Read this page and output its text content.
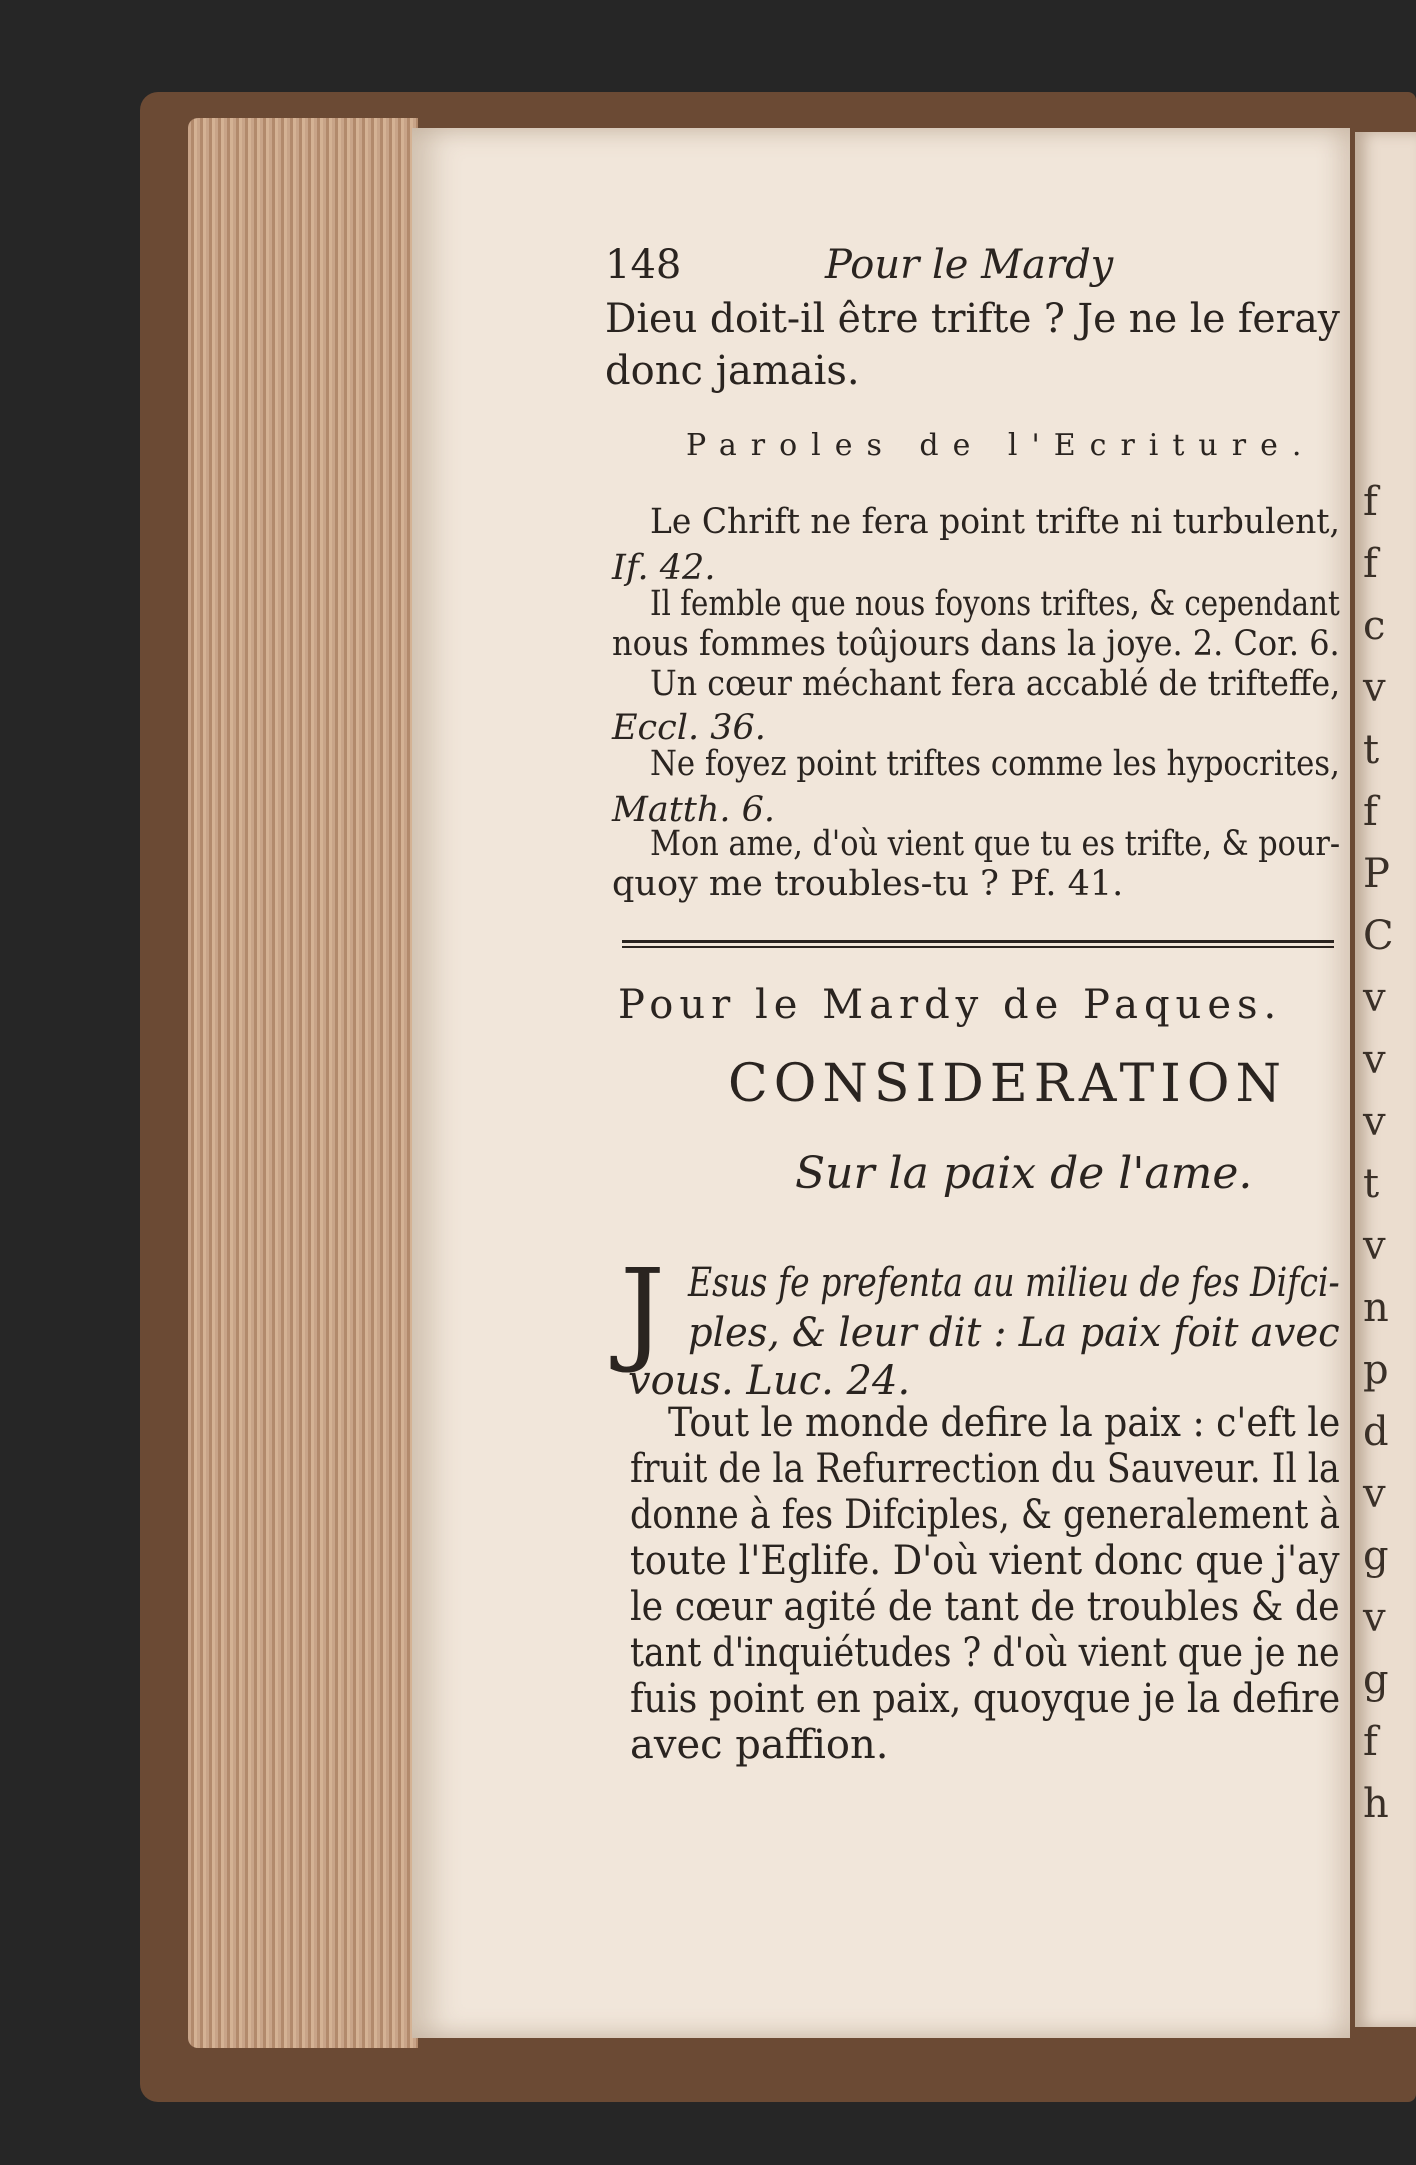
f
f
c
v
t
f
P
C
v
v
v
t
v
n
p
d
v
g
v
g
f
h
148	Pour le Mardy
Dieu doit-il être trifte ? Je ne le feray
donc jamais.
Paroles de l'Ecriture.
Le Chrift ne fera point trifte ni turbulent,
If. 42.
Il femble que nous foyons triftes, & cependant
nous fommes toûjours dans la joye. 2. Cor. 6.
Un cœur méchant fera accablé de trifteffe,
Eccl. 36.
Ne foyez point triftes comme les hypocrites,
Matth. 6.
Mon ame, d'où vient que tu es trifte, & pour-
quoy me troubles-tu ? Pf. 41.
Pour le Mardy de Paques.
CONSIDERATION
Sur la paix de l'ame.
J Esus fe prefenta au milieu de fes Difci-
ples, & leur dit : La paix foit avec
vous. Luc. 24.
Tout le monde defire la paix : c'eft le
fruit de la Refurrection du Sauveur. Il la
donne à fes Difciples, & generalement à
toute l'Eglife. D'où vient donc que j'ay
le cœur agité de tant de troubles & de
tant d'inquiétudes ? d'où vient que je ne
fuis point en paix, quoyque je la defire
avec paffion.
